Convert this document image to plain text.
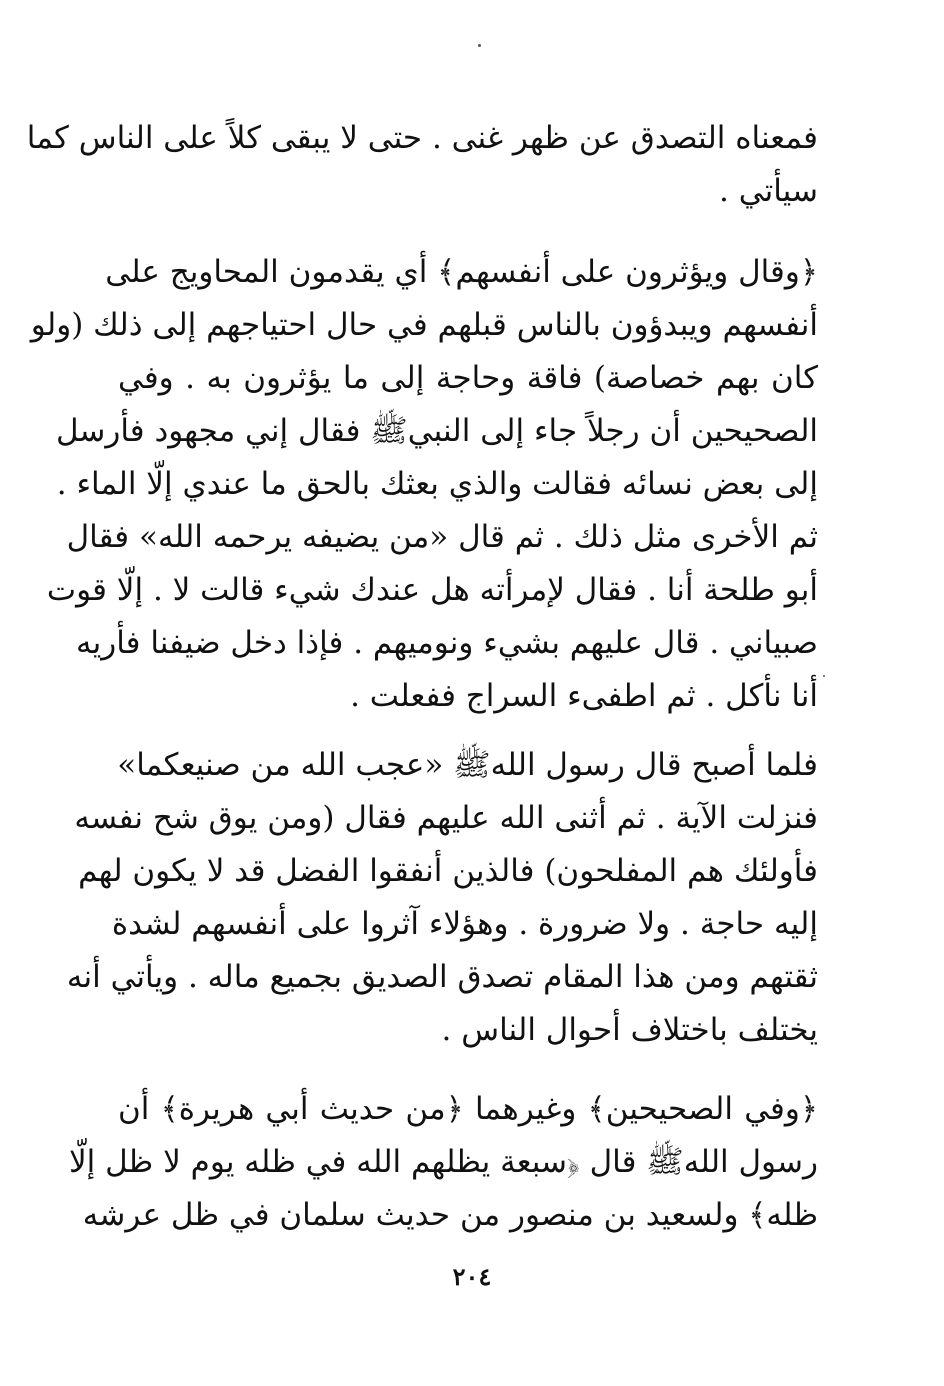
فمعناه التصدق عن ظهر غنى . حتى لا يبقى كلاً على الناس كما
سيأتي .
﴿وقال ويؤثرون على أنفسهم﴾ أي يقدمون المحاويج على
أنفسهم ويبدؤون بالناس قبلهم في حال احتياجهم إلى ذلك (ولو
كان بهم خصاصة) فاقة وحاجة إلى ما يؤثرون به . وفي
الصحيحين أن رجلاً جاء إلى النبيﷺ فقال إني مجهود فأرسل
إلى بعض نسائه فقالت والذي بعثك بالحق ما عندي إلّا الماء .
ثم الأخرى مثل ذلك . ثم قال «من يضيفه يرحمه الله» فقال
أبو طلحة أنا . فقال لإمرأته هل عندك شيء قالت لا . إلّا قوت
صبياني . قال عليهم بشيء ونوميهم . فإذا دخل ضيفنا فأريه
أنا نأكل . ثم اطفىء السراج ففعلت .
فلما أصبح قال رسول اللهﷺ «عجب الله من صنيعكما»
فنزلت الآية . ثم أثنى الله عليهم فقال (ومن يوق شح نفسه
فأولئك هم المفلحون) فالذين أنفقوا الفضل قد لا يكون لهم
إليه حاجة . ولا ضرورة . وهؤلاء آثروا على أنفسهم لشدة
ثقتهم ومن هذا المقام تصدق الصديق بجميع ماله . ويأتي أنه
يختلف باختلاف أحوال الناس .
﴿وفي الصحيحين﴾ وغيرهما ﴿من حديث أبي هريرة﴾ أن
رسول اللهﷺ قال ﴿سبعة يظلهم الله في ظله يوم لا ظل إلّا
ظله﴾ ولسعيد بن منصور من حديث سلمان في ظل عرشه
٢٠٤
